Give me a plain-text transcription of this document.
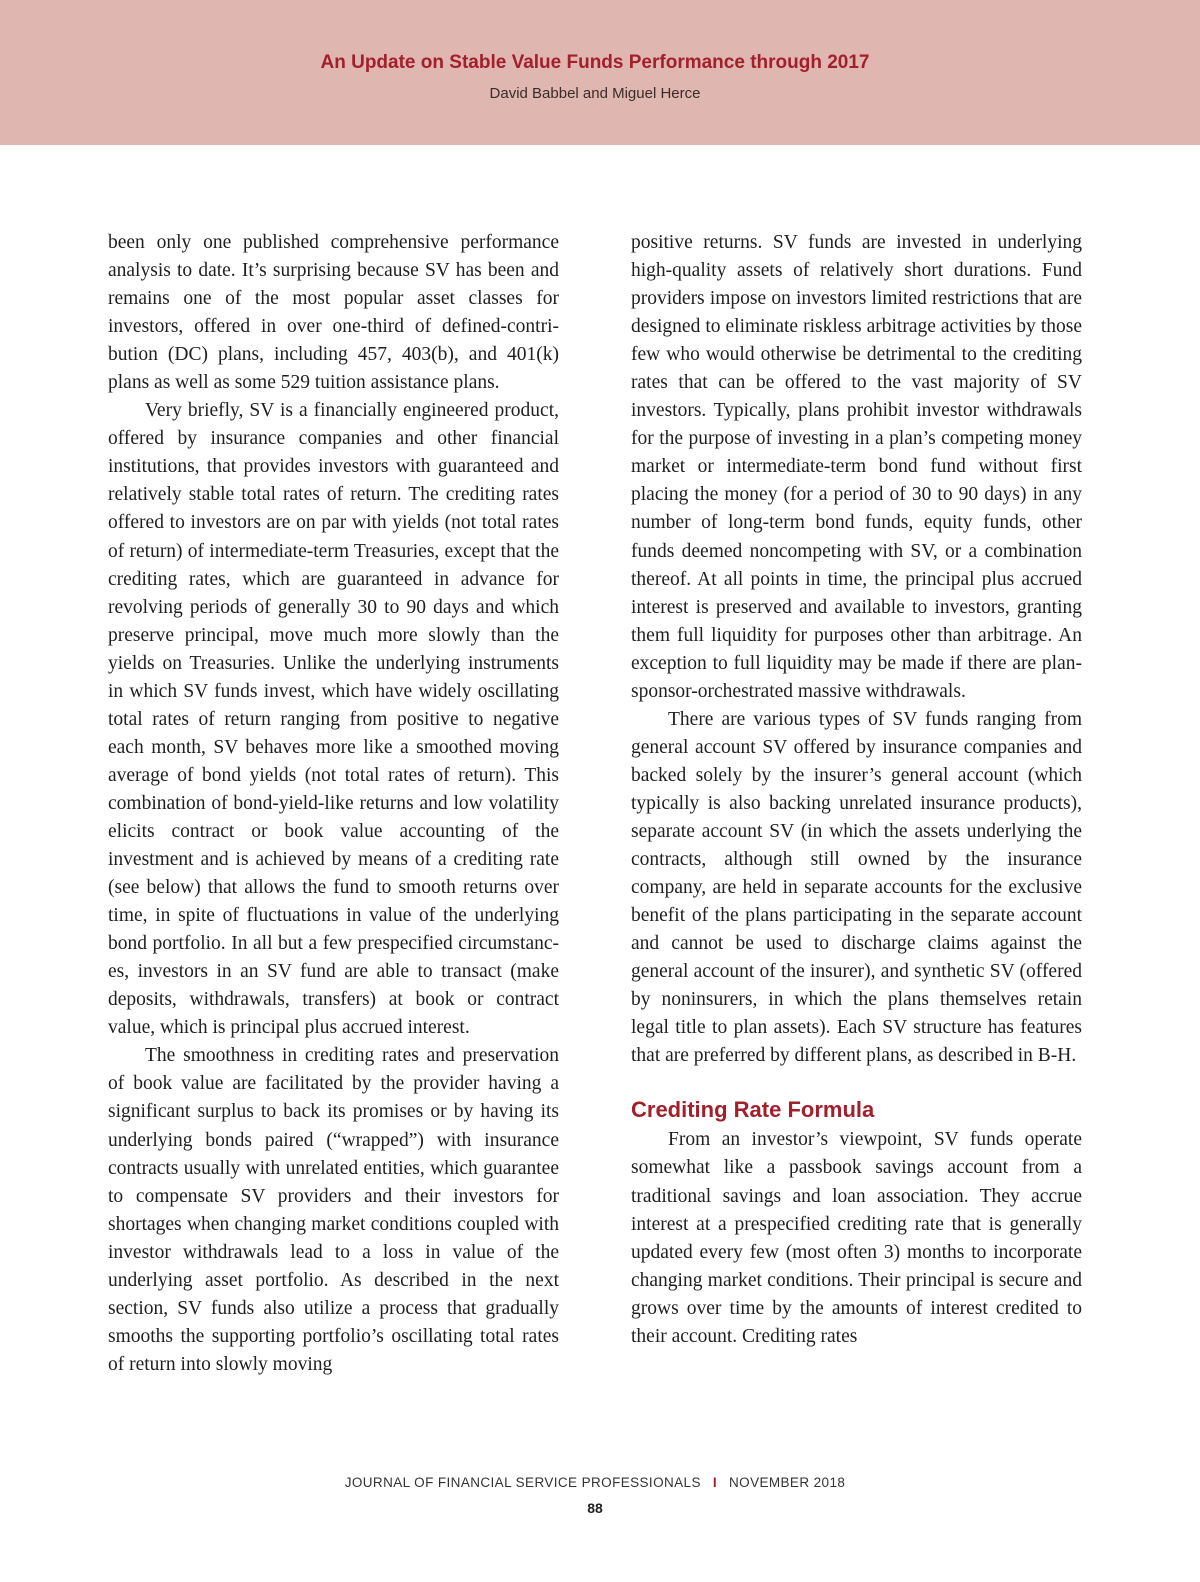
An Update on Stable Value Funds Performance through 2017
David Babbel and Miguel Herce

been only one published comprehensive performance analysis to date. It’s surprising because SV has been and remains one of the most popular asset classes for investors, offered in over one-third of defined-contribution (DC) plans, including 457, 403(b), and 401(k) plans as well as some 529 tuition assistance plans.

Very briefly, SV is a financially engineered product, offered by insurance companies and other financial institutions, that provides investors with guaranteed and relatively stable total rates of return. The crediting rates offered to investors are on par with yields (not total rates of return) of intermediate-term Treasuries, except that the crediting rates, which are guaranteed in advance for revolving periods of generally 30 to 90 days and which preserve principal, move much more slowly than the yields on Treasuries. Unlike the underlying instruments in which SV funds invest, which have widely oscillating total rates of return ranging from positive to negative each month, SV behaves more like a smoothed moving average of bond yields (not total rates of return). This combination of bond-yield-like returns and low volatility elicits contract or book value accounting of the investment and is achieved by means of a crediting rate (see below) that allows the fund to smooth returns over time, in spite of fluctuations in value of the underlying bond portfolio. In all but a few prespecified circumstances, investors in an SV fund are able to transact (make deposits, withdrawals, transfers) at book or contract value, which is principal plus accrued interest.

The smoothness in crediting rates and preservation of book value are facilitated by the provider having a significant surplus to back its promises or by having its underlying bonds paired (“wrapped”) with insurance contracts usually with unrelated entities, which guarantee to compensate SV providers and their investors for shortages when changing market conditions coupled with investor withdrawals lead to a loss in value of the underlying asset portfolio. As described in the next section, SV funds also utilize a process that gradually smooths the supporting portfolio’s oscillating total rates of return into slowly moving

positive returns. SV funds are invested in underlying high-quality assets of relatively short durations. Fund providers impose on investors limited restrictions that are designed to eliminate riskless arbitrage activities by those few who would otherwise be detrimental to the crediting rates that can be offered to the vast majority of SV investors. Typically, plans prohibit investor withdrawals for the purpose of investing in a plan’s competing money market or intermediate-term bond fund without first placing the money (for a period of 30 to 90 days) in any number of long-term bond funds, equity funds, other funds deemed noncompeting with SV, or a combination thereof. At all points in time, the principal plus accrued interest is preserved and available to investors, granting them full liquidity for purposes other than arbitrage. An exception to full liquidity may be made if there are plan-sponsor-orchestrated massive withdrawals.

There are various types of SV funds ranging from general account SV offered by insurance companies and backed solely by the insurer’s general account (which typically is also backing unrelated insurance products), separate account SV (in which the assets underlying the contracts, although still owned by the insurance company, are held in separate accounts for the exclusive benefit of the plans participating in the separate account and cannot be used to discharge claims against the general account of the insurer), and synthetic SV (offered by noninsurers, in which the plans themselves retain legal title to plan assets). Each SV structure has features that are preferred by different plans, as described in B-H.

Crediting Rate Formula

From an investor’s viewpoint, SV funds operate somewhat like a passbook savings account from a traditional savings and loan association. They accrue interest at a prespecified crediting rate that is generally updated every few (most often 3) months to incorporate changing market conditions. Their principal is secure and grows over time by the amounts of interest credited to their account. Crediting rates

JOURNAL OF FINANCIAL SERVICE PROFESSIONALS I NOVEMBER 2018
88
